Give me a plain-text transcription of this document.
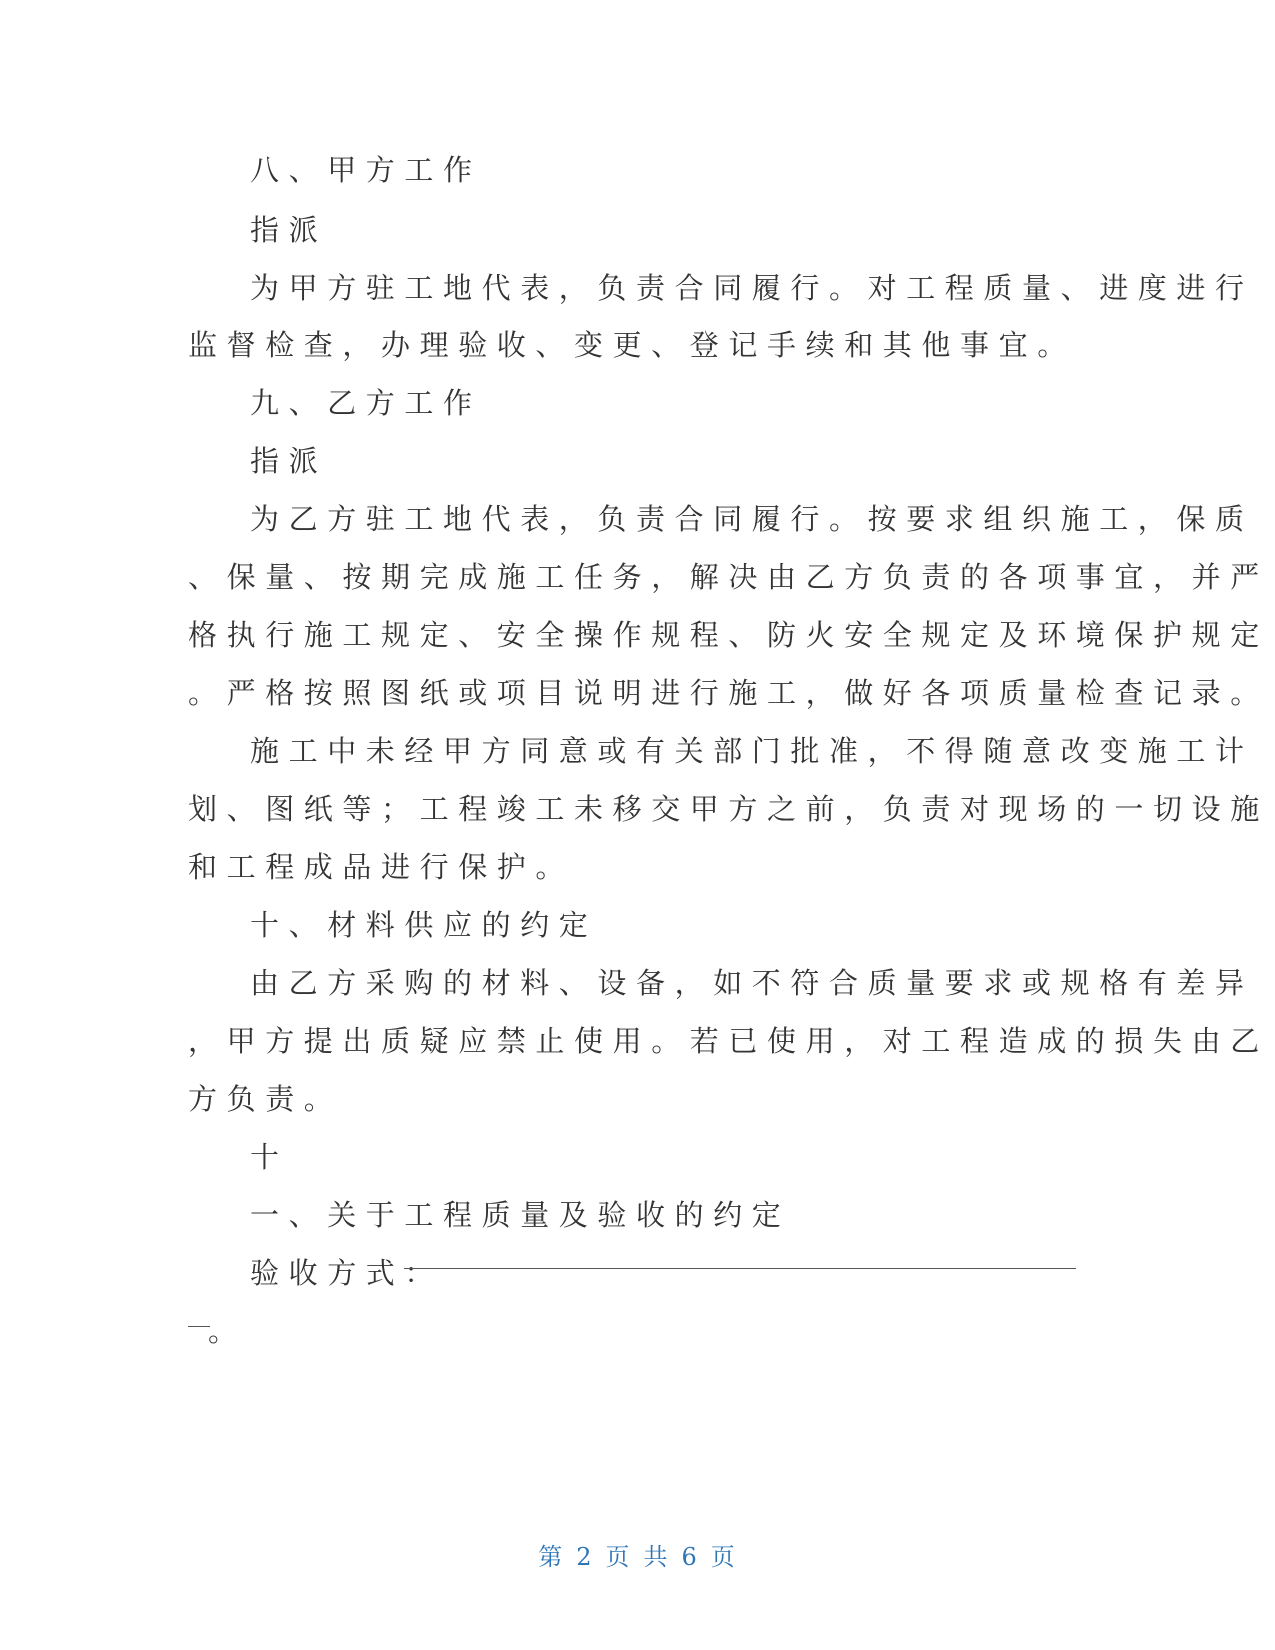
八、甲方工作
指派
为甲方驻工地代表，负责合同履行。对工程质量、进度进行
监督检查，办理验收、变更、登记手续和其他事宜。
九、乙方工作
指派
为乙方驻工地代表，负责合同履行。按要求组织施工，保质
、保量、按期完成施工任务，解决由乙方负责的各项事宜，并严
格执行施工规定、安全操作规程、防火安全规定及环境保护规定
。严格按照图纸或项目说明进行施工，做好各项质量检查记录。
施工中未经甲方同意或有关部门批准，不得随意改变施工计
划、图纸等；工程竣工未移交甲方之前，负责对现场的一切设施
和工程成品进行保护。
十、材料供应的约定
由乙方采购的材料、设备，如不符合质量要求或规格有差异
，甲方提出质疑应禁止使用。若已使用，对工程造成的损失由乙
方负责。
十
一、关于工程质量及验收的约定
验收方式：
。
第 2 页 共 6 页
